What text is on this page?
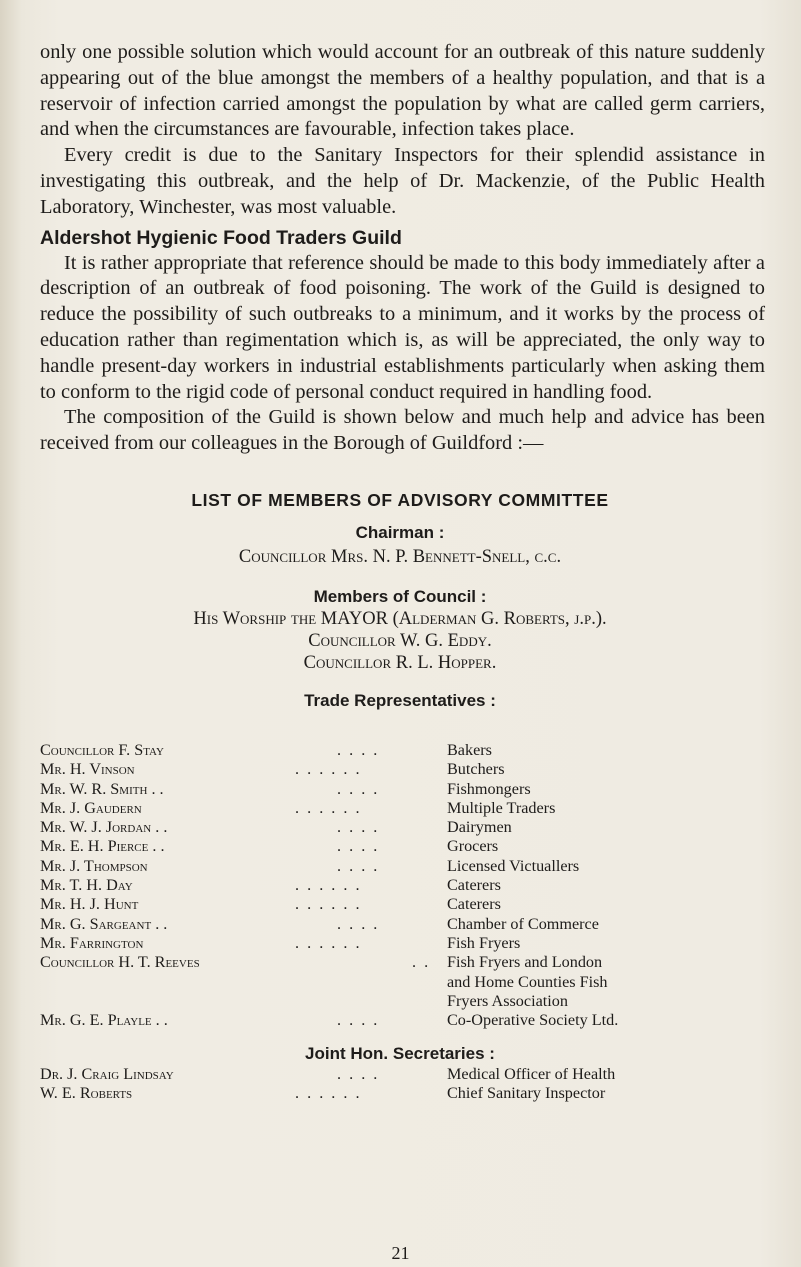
only one possible solution which would account for an outbreak of this nature suddenly appearing out of the blue amongst the members of a healthy population, and that is a reservoir of infection carried amongst the population by what are called germ carriers, and when the circumstances are favourable, infection takes place.

Every credit is due to the Sanitary Inspectors for their splendid assistance in investigating this outbreak, and the help of Dr. Mackenzie, of the Public Health Laboratory, Winchester, was most valuable.

Aldershot Hygienic Food Traders Guild

It is rather appropriate that reference should be made to this body immediately after a description of an outbreak of food poisoning. The work of the Guild is designed to reduce the possibility of such outbreaks to a minimum, and it works by the process of education rather than regimentation which is, as will be appreciated, the only way to handle present-day workers in industrial establishments particularly when asking them to conform to the rigid code of personal conduct required in handling food.

The composition of the Guild is shown below and much help and advice has been received from our colleagues in the Borough of Guildford :—

LIST OF MEMBERS OF ADVISORY COMMITTEE
Chairman :
Councillor Mrs. N. P. Bennett-Snell, c.c.
Members of Council :
His Worship the MAYOR (Alderman G. Roberts, j.p.).
Councillor W. G. Eddy.
Councillor R. L. Hopper.
Trade Representatives :
Councillor F. Stay	. . . .	Bakers
Mr. H. Vinson	. . . . . .	Butchers
Mr. W. R. Smith . .	. . . .	Fishmongers
Mr. J. Gaudern	. . . . . .	Multiple Traders
Mr. W. J. Jordan . .	. . . .	Dairymen
Mr. E. H. Pierce . .	. . . .	Grocers
Mr. J. Thompson	. . . .	Licensed Victuallers
Mr. T. H. Day	. . . . . .	Caterers
Mr. H. J. Hunt	. . . . . .	Caterers
Mr. G. Sargeant . .	. . . .	Chamber of Commerce
Mr. Farrington	. . . . . .	Fish Fryers
Councillor H. T. Reeves	. . Fish Fryers and London
and Home Counties Fish
Fryers Association
Mr. G. E. Playle . .	. . . .	Co-Operative Society Ltd.
Joint Hon. Secretaries :
Dr. J. Craig Lindsay	. . . .	Medical Officer of Health
W. E. Roberts	. . . . . .	Chief Sanitary Inspector
21
